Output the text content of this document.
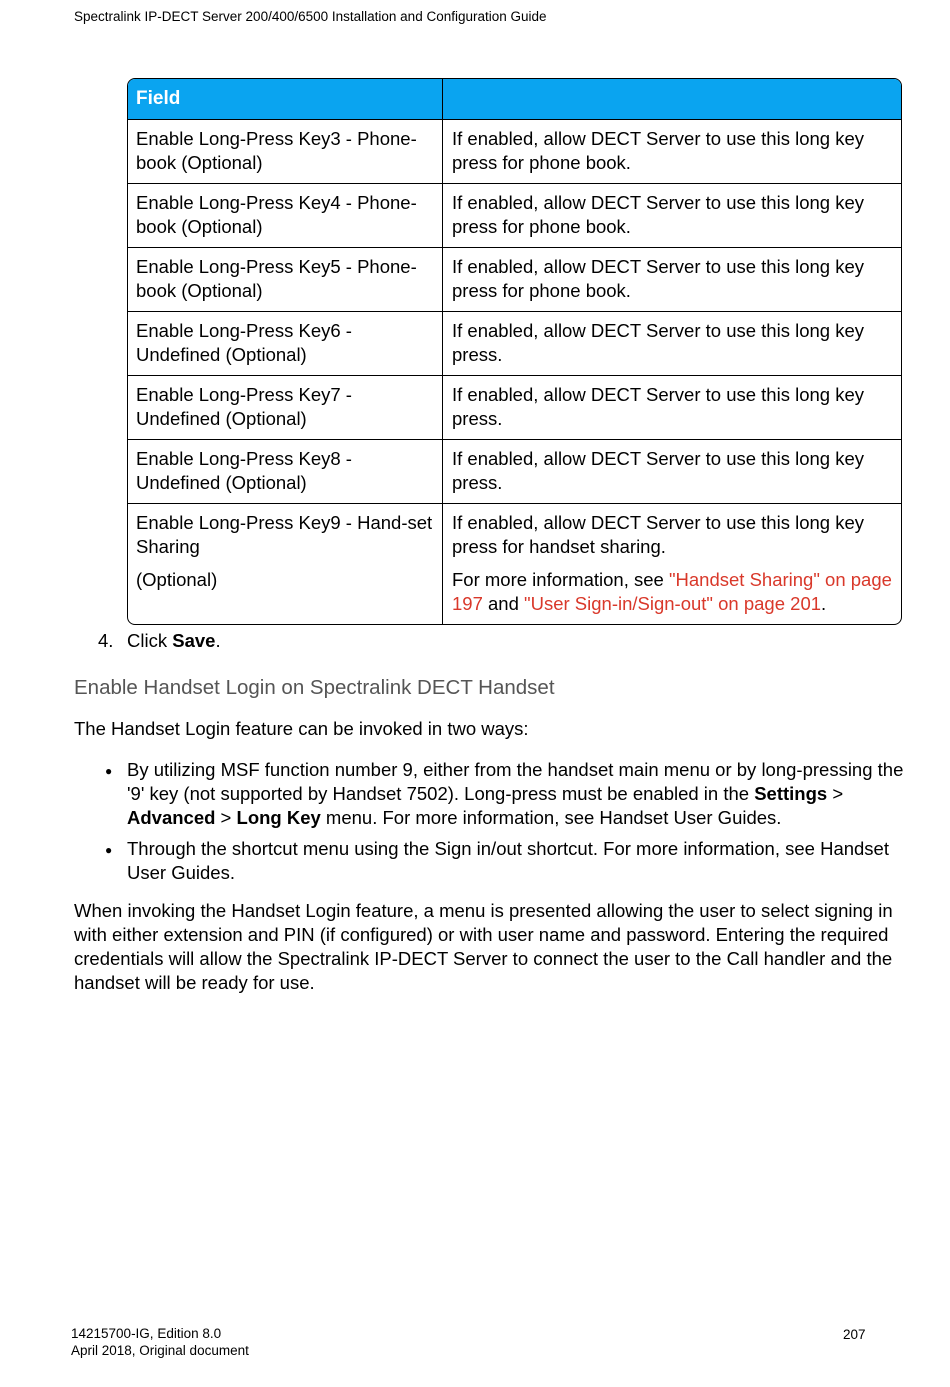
Spectralink IP-DECT Server 200/400/6500 Installation and Configuration Guide
Field
Enable Long-Press Key3 - Phone-book (Optional)
If enabled, allow DECT Server to use this long key press for phone book.
Enable Long-Press Key4 - Phone-book (Optional)
If enabled, allow DECT Server to use this long key press for phone book.
Enable Long-Press Key5 - Phone-book (Optional)
If enabled, allow DECT Server to use this long key press for phone book.
Enable Long-Press Key6 - Undefined (Optional)
If enabled, allow DECT Server to use this long key press.
Enable Long-Press Key7 - Undefined (Optional)
If enabled, allow DECT Server to use this long key press.
Enable Long-Press Key8 - Undefined (Optional)
If enabled, allow DECT Server to use this long key press.
Enable Long-Press Key9 - Hand-set Sharing
(Optional)
If enabled, allow DECT Server to use this long key press for handset sharing.
For more information, see "Handset Sharing" on page 197 and "User Sign-in/Sign-out" on page 201.
4. Click Save.
Enable Handset Login on Spectralink DECT Handset
The Handset Login feature can be invoked in two ways:
● By utilizing MSF function number 9, either from the handset main menu or by long-pressing the '9' key (not supported by Handset 7502). Long-press must be enabled in the Settings > Advanced > Long Key menu. For more information, see Handset User Guides.
● Through the shortcut menu using the Sign in/out shortcut. For more information, see Handset User Guides.
When invoking the Handset Login feature, a menu is presented allowing the user to select signing in with either extension and PIN (if configured) or with user name and password. Entering the required credentials will allow the Spectralink IP-DECT Server to connect the user to the Call handler and the handset will be ready for use.
14215700-IG, Edition 8.0
April 2018, Original document
207
